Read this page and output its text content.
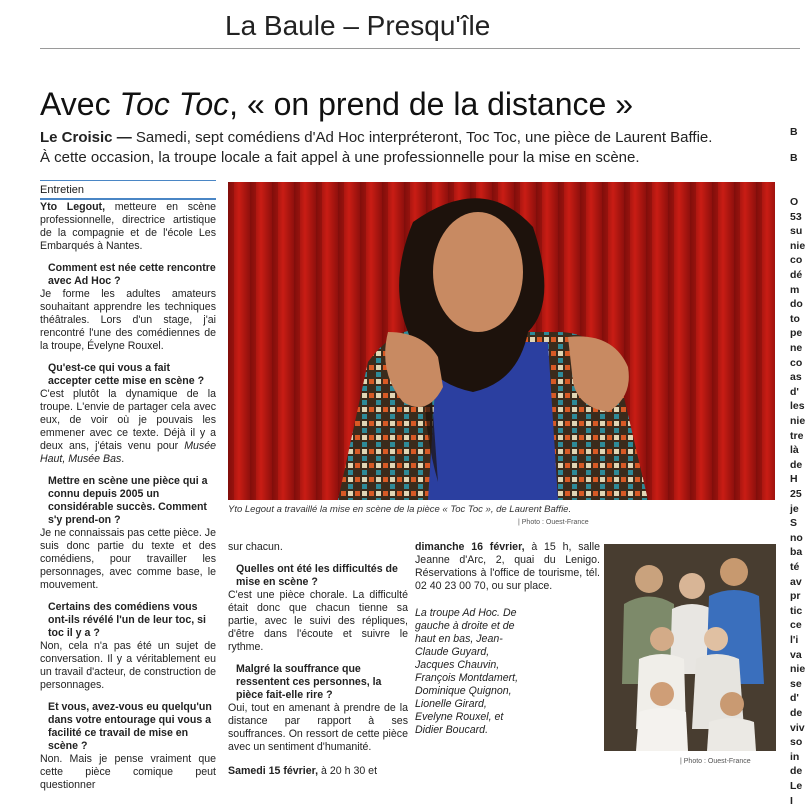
La Baule – Presqu'île
Avec Toc Toc, « on prend de la distance »
Le Croisic — Samedi, sept comédiens d'Ad Hoc interpréteront, Toc Toc, une pièce de Laurent Baffie. À cette occasion, la troupe locale a fait appel à une professionnelle pour la mise en scène.
Entretien

Yto Legout, metteure en scène professionnelle, directrice artistique de la compagnie et de l'école Les Embarqués à Nantes.

Comment est née cette rencontre avec Ad Hoc ?

Je forme les adultes amateurs souhaitant apprendre les techniques théâtrales. Lors d'un stage, j'ai rencontré l'une des comédiennes de la troupe, Évelyne Rouxel.

Qu'est-ce qui vous a fait accepter cette mise en scène ?

C'est plutôt la dynamique de la troupe. L'envie de partager cela avec eux, de voir où je pouvais les emmener avec ce texte. Déjà il y a deux ans, j'étais venu pour Musée Haut, Musée Bas.

Mettre en scène une pièce qui a connu depuis 2005 un considérable succès. Comment s'y prend-on ?

Je ne connaissais pas cette pièce. Je suis donc partie du texte et des comédiens, pour travailler les personnages, avec comme base, le mouvement.

Certains des comédiens vous ont-ils révélé l'un de leur toc, si toc il y a ?

Non, cela n'a pas été un sujet de conversation. Il y a véritablement eu un travail d'acteur, de construction de personnages.

Et vous, avez-vous eu quelqu'un dans votre entourage qui vous a facilité ce travail de mise en scène ?

Non. Mais je pense vraiment que cette pièce comique peut questionner

sur chacun.

Quelles ont été les difficultés de mise en scène ?

C'est une pièce chorale. La difficulté était donc que chacun tienne sa partie, avec le suivi des répliques, d'être dans l'écoute et suivre le rythme.

Malgré la souffrance que ressentent ces personnes, la pièce fait-elle rire ?

Oui, tout en amenant à prendre de la distance par rapport à ses souffrances. On ressort de cette pièce avec un sentiment d'humanité.

Samedi 15 février, à 20 h 30 et

dimanche 16 février, à 15 h, salle Jeanne d'Arc, 2, quai du Lenigo. Réservations à l'office de tourisme, tél. 02 40 23 00 70, ou sur place.

La troupe Ad Hoc. De gauche à droite et de haut en bas, Jean-Claude Guyard, Jacques Chauvin, François Montdamert, Dominique Quignon, Lionelle Girard, Evelyne Rouxel, et Didier Boucard.

Yto Legout a travaillé la mise en scène de la pièce « Toc Toc », de Laurent Baffie.
| Photo : Ouest-France
| Photo : Ouest-France
B
B
O
53
su
nie
co
dé
m
do
to
pe
ne
co
as
d'
les
nie
tre
là
de
H
25
je
S
no
ba
té
av
pr
tic
ce
l'i
va
nie
se
d'
de
viv
so
in
de
Le
I
